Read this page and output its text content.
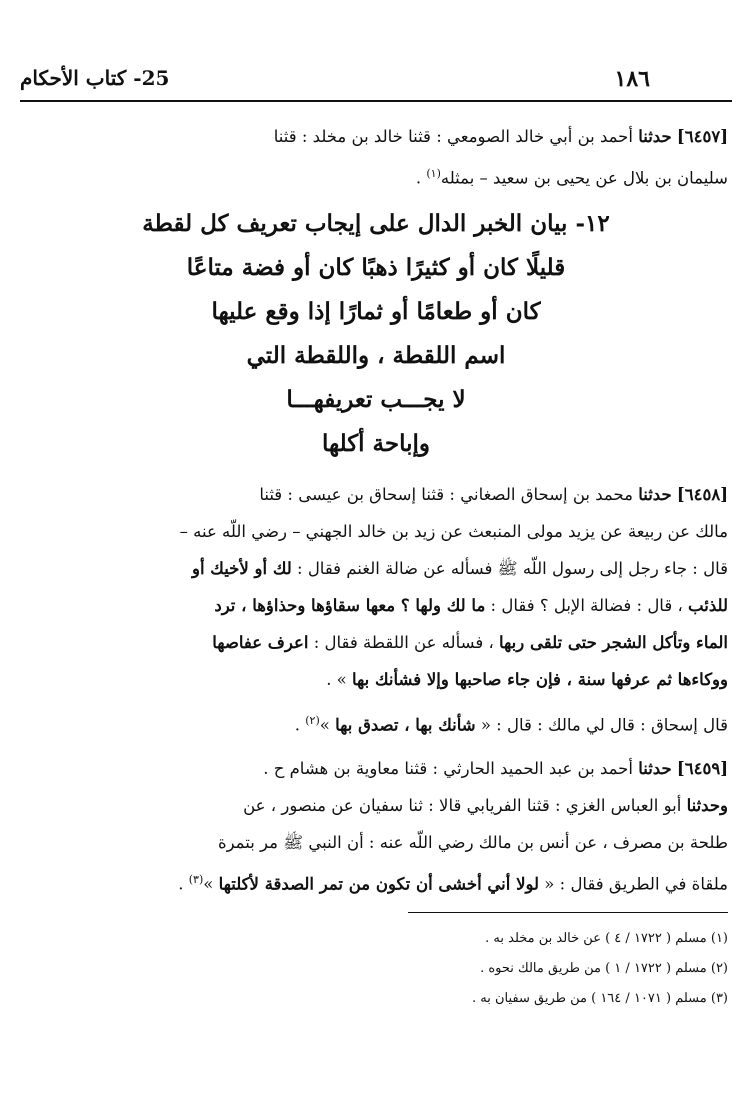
١٨٦
25- كتاب الأحكام
[٦٤٥٧] حدثنا أحمد بن أبي خالد الصومعي : قثنا خالد بن مخلد : قثنا
سليمان بن بلال عن يحيى بن سعيد – بمثله$^{(١)}$ .
١٢- بيان الخبر الدال على إيجاب تعريف كل لقطة
قليلًا كان أو كثيرًا ذهبًا كان أو فضة متاعًا
كان أو طعامًا أو ثمارًا إذا وقع عليها
اسم اللقطة ، واللقطة التي
لا يجـــب تعريفهـــا
وإباحة أكلها
[٦٤٥٨] حدثنا محمد بن إسحاق الصغاني : قثنا إسحاق بن عيسى : قثنا
مالك عن ربيعة عن يزيد مولى المنبعث عن زيد بن خالد الجهني – رضي اللّه عنه –
قال : جاء رجل إلى رسول اللّه ﷺ فسأله عن ضالة الغنم فقال : لك أو لأخيك أو
للذئب ، قال : فضالة الإبل ؟ فقال : ما لك ولها ؟ معها سقاؤها وحذاؤها ، ترد
الماء وتأكل الشجر حتى تلقى ربها ، فسأله عن اللقطة فقال : اعرف عفاصها
ووكاءها ثم عرفها سنة ، فإن جاء صاحبها وإلا فشأنك بها » .
قال إسحاق : قال لي مالك : قال : « شأنك بها ، تصدق بها »$^{(٢)}$ .
[٦٤٥٩] حدثنا أحمد بن عبد الحميد الحارثي : قثنا معاوية بن هشام ح .
وحدثنا أبو العباس الغزي : قثنا الفريابي قالا : ثنا سفيان عن منصور ، عن
طلحة بن مصرف ، عن أنس بن مالك رضي اللّه عنه : أن النبي ﷺ مر بتمرة
ملقاة في الطريق فقال : « لولا أني أخشى أن تكون من تمر الصدقة لأكلتها »$^{(٣)}$ .
(١) مسلم ( ١٧٢٢ / ٤ ) عن خالد بن مخلد به .
(٢) مسلم ( ١٧٢٢ / ١ ) من طريق مالك نحوه .
(٣) مسلم ( ١٠٧١ / ١٦٤ ) من طريق سفيان به .
